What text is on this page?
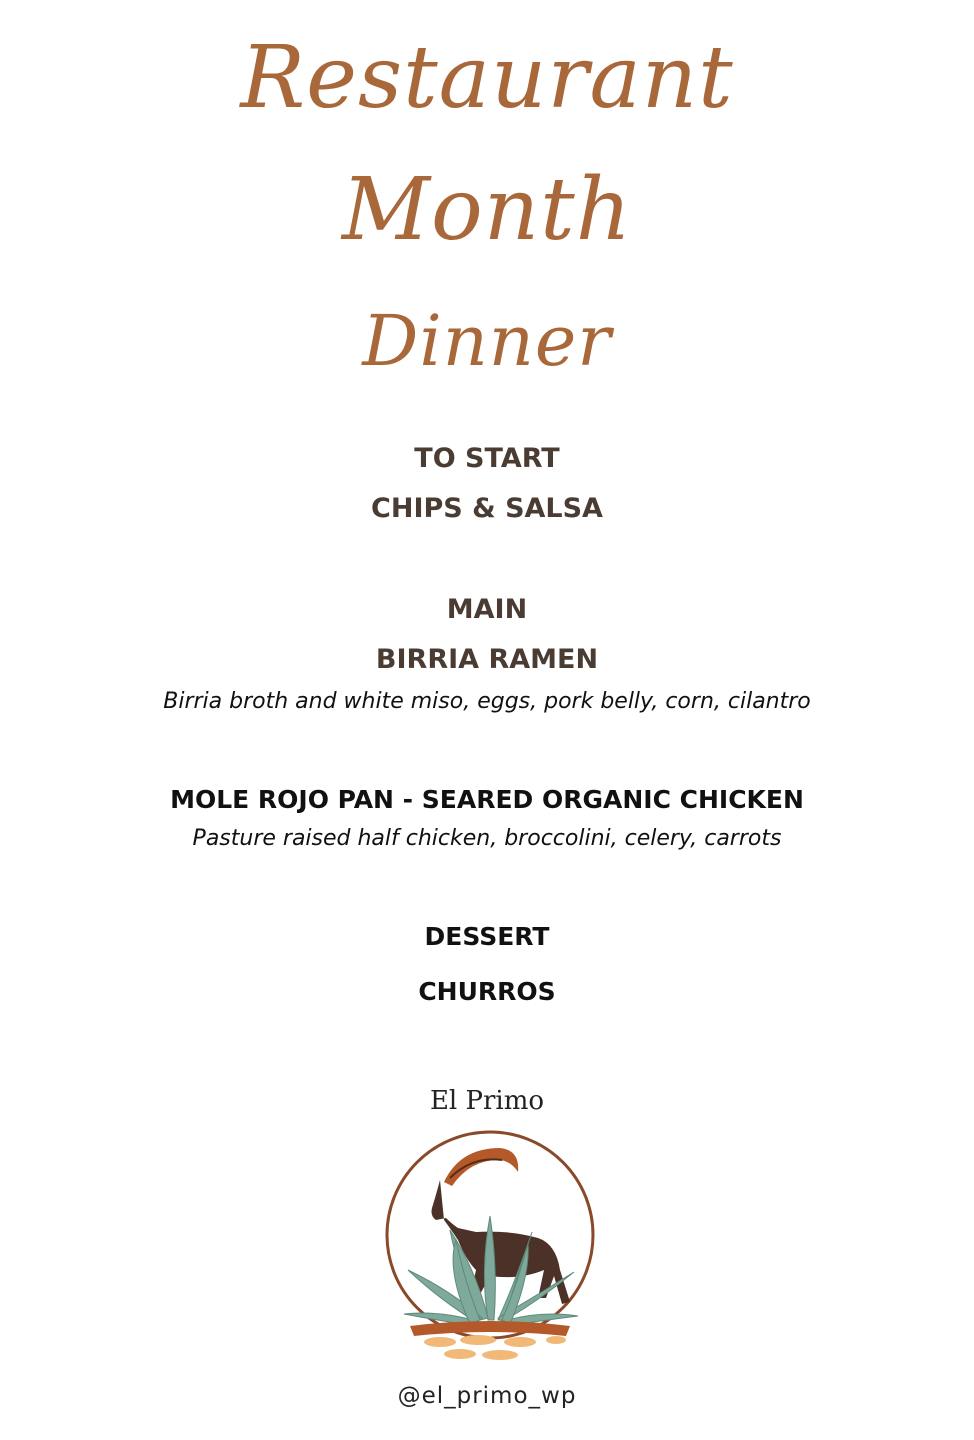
Restaurant
Month
Dinner
TO START
CHIPS & SALSA
MAIN
BIRRIA RAMEN
Birria broth and white miso, eggs, pork belly, corn, cilantro
MOLE ROJO PAN - SEARED ORGANIC CHICKEN
Pasture raised half chicken, broccolini, celery, carrots
DESSERT
CHURROS
El Primo
@el_primo_wp
